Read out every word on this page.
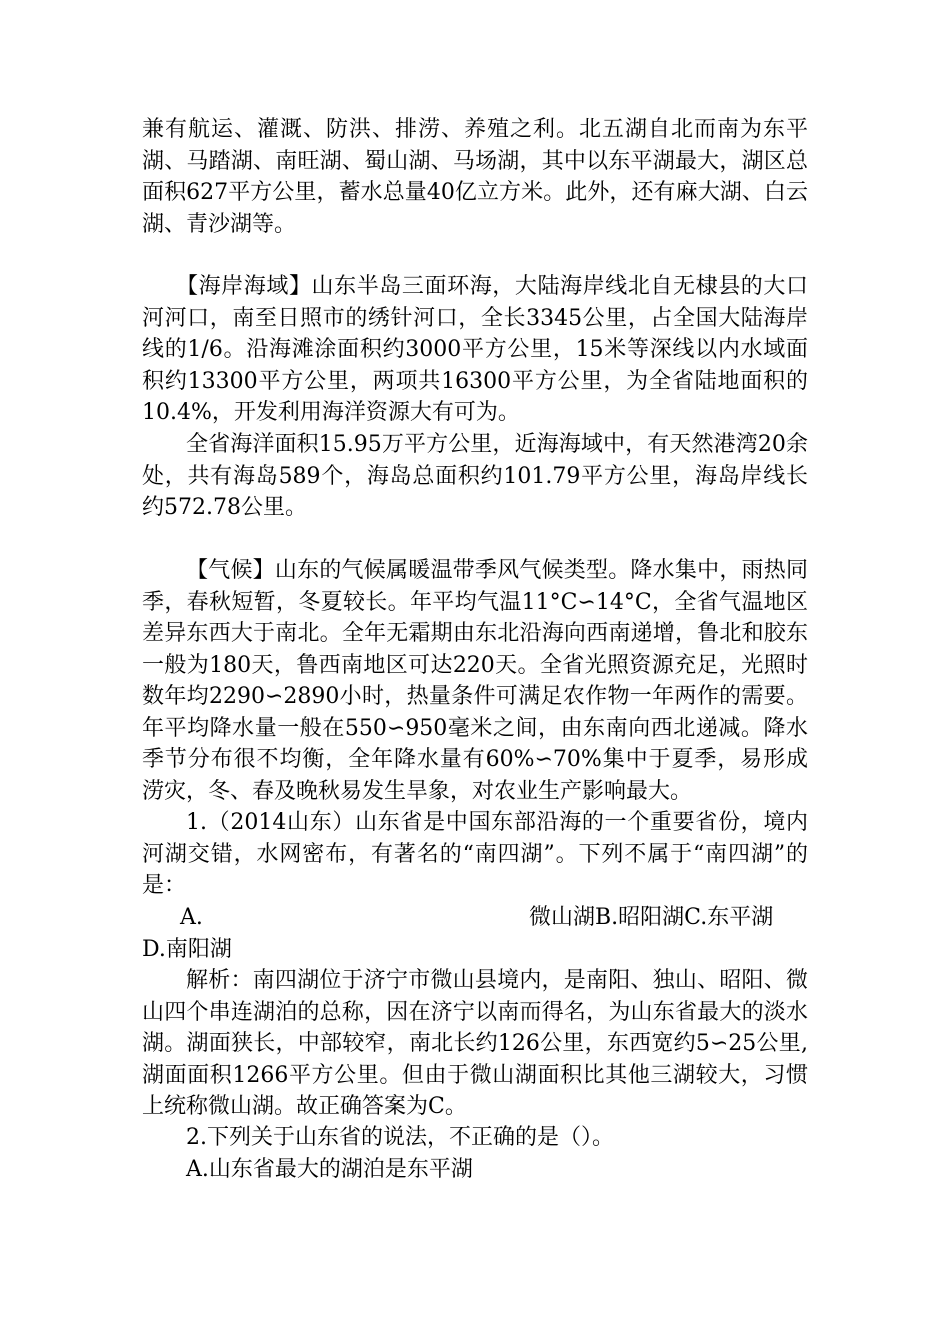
兼有航运、灌溉、防洪、排涝、养殖之利。北五湖自北而南为东平湖、马踏湖、南旺湖、蜀山湖、马场湖，其中以东平湖最大，湖区总面积627平方公里，蓄水总量40亿立方米。此外，还有麻大湖、白云湖、青沙湖等。

【海岸海域】山东半岛三面环海，大陆海岸线北自无棣县的大口河河口，南至日照市的绣针河口，全长3345公里，占全国大陆海岸线的1/6。沿海滩涂面积约3000平方公里，15米等深线以内水域面积约13300平方公里，两项共16300平方公里，为全省陆地面积的10.4%，开发利用海洋资源大有可为。

全省海洋面积15.95万平方公里，近海海域中，有天然港湾20余处，共有海岛589个，海岛总面积约101.79平方公里，海岛岸线长约572.78公里。

【气候】山东的气候属暖温带季风气候类型。降水集中，雨热同季，春秋短暂，冬夏较长。年平均气温11°C∽14°C，全省气温地区差异东西大于南北。全年无霜期由东北沿海向西南递增，鲁北和胶东一般为180天，鲁西南地区可达220天。全省光照资源充足，光照时数年均2290∽2890小时，热量条件可满足农作物一年两作的需要。年平均降水量一般在550∽950毫米之间，由东南向西北递减。降水季节分布很不均衡，全年降水量有60%∽70%集中于夏季，易形成涝灾，冬、春及晚秋易发生旱象，对农业生产影响最大。

1.（2014山东）山东省是中国东部沿海的一个重要省份，境内河湖交错，水网密布，有著名的“南四湖”。下列不属于“南四湖”的是：

A.	微山湖B.昭阳湖C.东平湖
D.南阳湖

解析：南四湖位于济宁市微山县境内，是南阳、独山、昭阳、微山四个串连湖泊的总称，因在济宁以南而得名，为山东省最大的淡水湖。湖面狭长，中部较窄，南北长约126公里，东西宽约5∽25公里,湖面面积1266平方公里。但由于微山湖面积比其他三湖较大，习惯上统称微山湖。故正确答案为C。

2.下列关于山东省的说法，不正确的是（）。

A.山东省最大的湖泊是东平湖
